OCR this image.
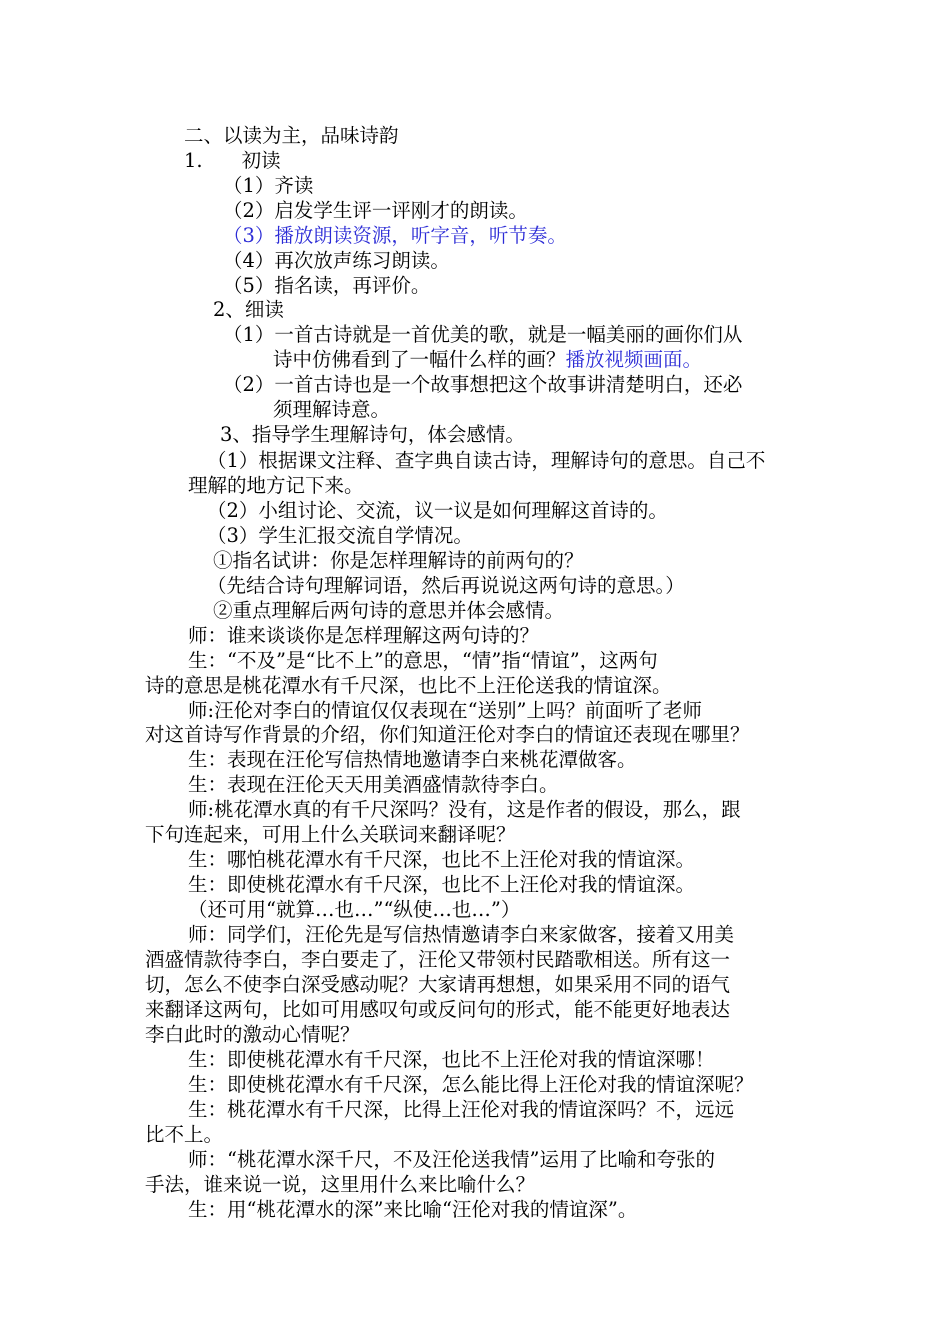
二、以读为主，品味诗韵
1.　　初读
（1）齐读
（2）启发学生评一评刚才的朗读。
（3）播放朗读资源，听字音，听节奏。
（4）再次放声练习朗读。
（5）指名读，再评价。
2、细读
（1）一首古诗就是一首优美的歌，就是一幅美丽的画你们从
诗中仿佛看到了一幅什么样的画？播放视频画面。
（2）一首古诗也是一个故事想把这个故事讲清楚明白，还必
须理解诗意。
3、指导学生理解诗句，体会感情。
（1）根据课文注释、查字典自读古诗，理解诗句的意思。自己不
理解的地方记下来。
（2）小组讨论、交流，议一议是如何理解这首诗的。
（3）学生汇报交流自学情况。
①指名试讲：你是怎样理解诗的前两句的？
（先结合诗句理解词语，然后再说说这两句诗的意思。）
②重点理解后两句诗的意思并体会感情。
师：谁来谈谈你是怎样理解这两句诗的？
生：“不及”是“比不上”的意思，“情”指“情谊”，这两句
诗的意思是桃花潭水有千尺深，也比不上汪伦送我的情谊深。
师:汪伦对李白的情谊仅仅表现在“送别”上吗？前面听了老师
对这首诗写作背景的介绍，你们知道汪伦对李白的情谊还表现在哪里？
生：表现在汪伦写信热情地邀请李白来桃花潭做客。
生：表现在汪伦天天用美酒盛情款待李白。
师:桃花潭水真的有千尺深吗？没有，这是作者的假设，那么，跟
下句连起来，可用上什么关联词来翻译呢？
生：哪怕桃花潭水有千尺深，也比不上汪伦对我的情谊深。
生：即使桃花潭水有千尺深，也比不上汪伦对我的情谊深。
（还可用“就算…也…”“纵使…也…”）
师：同学们，汪伦先是写信热情邀请李白来家做客，接着又用美
酒盛情款待李白，李白要走了，汪伦又带领村民踏歌相送。所有这一
切，怎么不使李白深受感动呢？大家请再想想，如果采用不同的语气
来翻译这两句，比如可用感叹句或反问句的形式，能不能更好地表达
李白此时的激动心情呢？
生：即使桃花潭水有千尺深，也比不上汪伦对我的情谊深哪！
生：即使桃花潭水有千尺深，怎么能比得上汪伦对我的情谊深呢？
生：桃花潭水有千尺深，比得上汪伦对我的情谊深吗？不，远远
比不上。
师：“桃花潭水深千尺，不及汪伦送我情”运用了比喻和夸张的
手法，谁来说一说，这里用什么来比喻什么？
生：用“桃花潭水的深”来比喻“汪伦对我的情谊深”。
